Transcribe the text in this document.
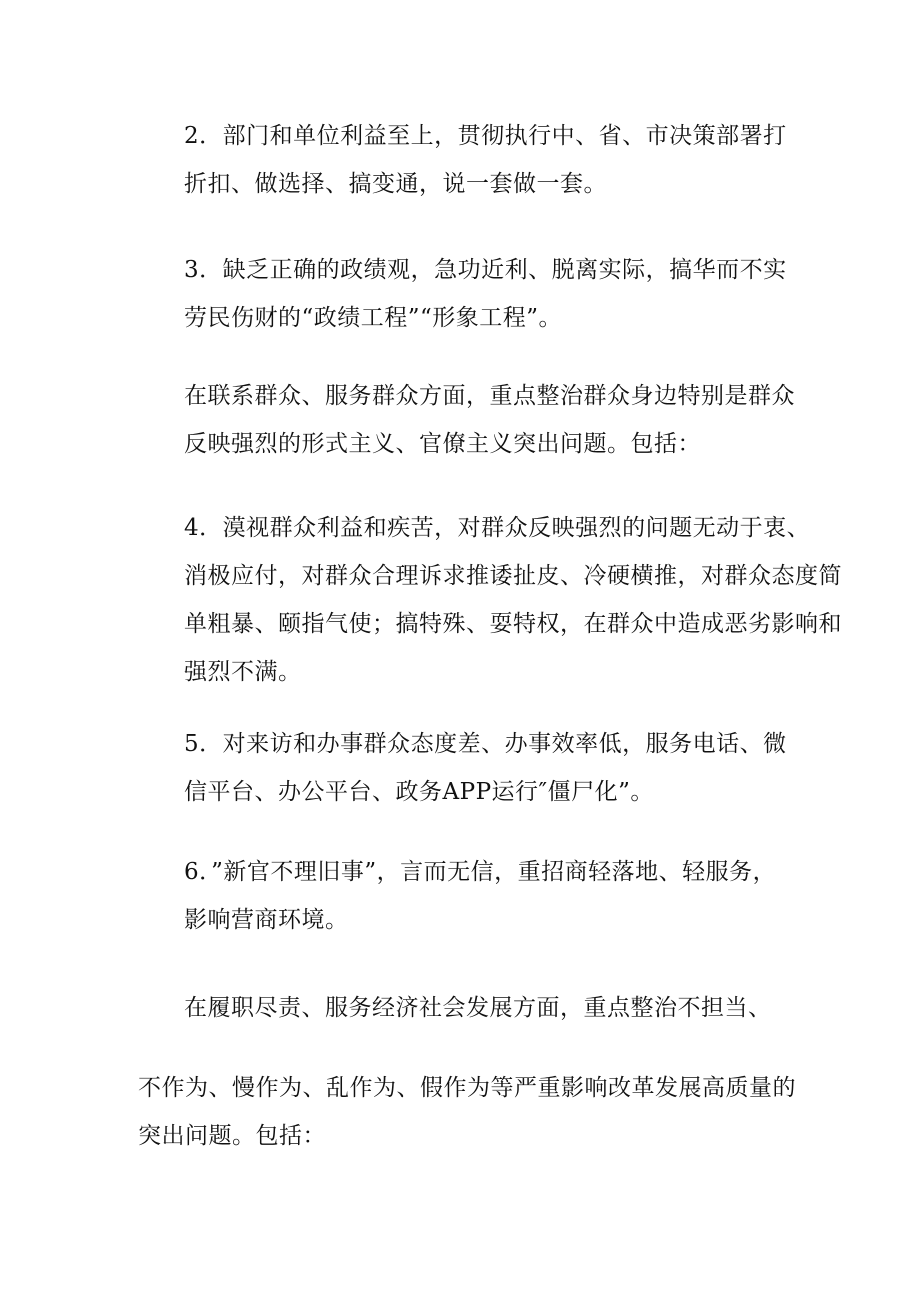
2．部门和单位利益至上，贯彻执行中、省、市决策部署打
折扣、做选择、搞变通，说一套做一套。

3．缺乏正确的政绩观，急功近利、脱离实际，搞华而不实
劳民伤财的“政绩工程”“形象工程”。

在联系群众、服务群众方面，重点整治群众身边特别是群众
反映强烈的形式主义、官僚主义突出问题。包括：

4．漠视群众利益和疾苦，对群众反映强烈的问题无动于衷、
消极应付，对群众合理诉求推诿扯皮、冷硬横推，对群众态度简
单粗暴、颐指气使；搞特殊、耍特权，在群众中造成恶劣影响和
强烈不满。

5．对来访和办事群众态度差、办事效率低，服务电话、微
信平台、办公平台、政务APP运行″僵尸化”。

6．”新官不理旧事”，言而无信，重招商轻落地、轻服务，
影响营商环境。

在履职尽责、服务经济社会发展方面，重点整治不担当、

不作为、慢作为、乱作为、假作为等严重影响改革发展高质量的
突出问题。包括：
